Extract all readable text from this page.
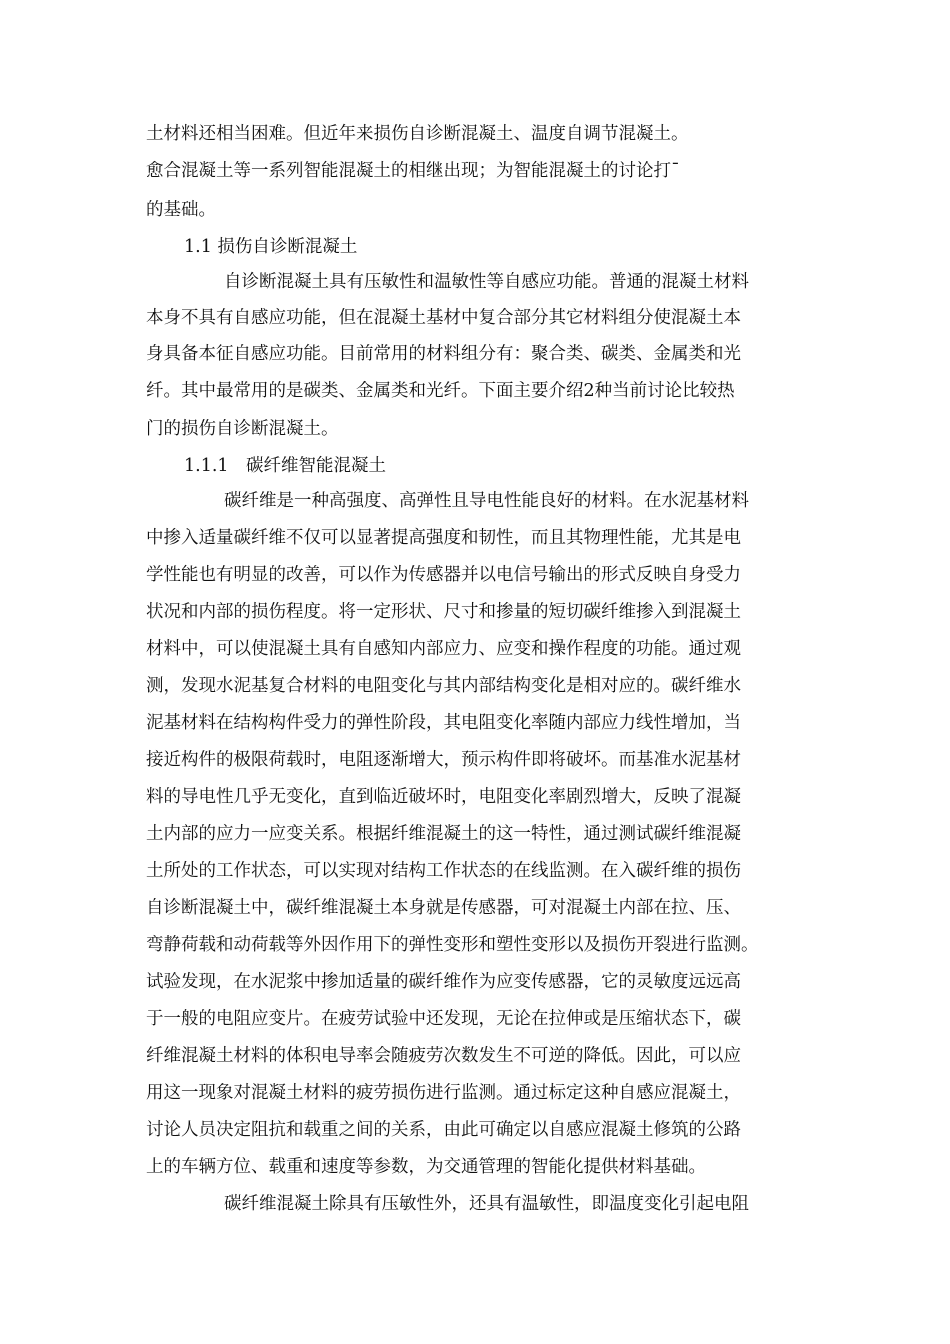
土材料还相当困难。但近年来损伤自诊断混凝土、温度自调节混凝土。
愈合混凝土等一系列智能混凝土的相继出现；为智能混凝土的讨论打ˉ
的基础。
1.1 损伤自诊断混凝土
自诊断混凝土具有压敏性和温敏性等自感应功能。普通的混凝土材料
本身不具有自感应功能，但在混凝土基材中复合部分其它材料组分使混凝土本
身具备本征自感应功能。目前常用的材料组分有：聚合类、碳类、金属类和光
纤。其中最常用的是碳类、金属类和光纤。下面主要介绍2种当前讨论比较热
门的损伤自诊断混凝土。
1.1.1　碳纤维智能混凝土
碳纤维是一种高强度、高弹性且导电性能良好的材料。在水泥基材料
中掺入适量碳纤维不仅可以显著提高强度和韧性，而且其物理性能，尤其是电
学性能也有明显的改善，可以作为传感器并以电信号输出的形式反映自身受力
状况和内部的损伤程度。将一定形状、尺寸和掺量的短切碳纤维掺入到混凝土
材料中，可以使混凝土具有自感知内部应力、应变和操作程度的功能。通过观
测，发现水泥基复合材料的电阻变化与其内部结构变化是相对应的。碳纤维水
泥基材料在结构构件受力的弹性阶段，其电阻变化率随内部应力线性增加，当
接近构件的极限荷载时，电阻逐渐增大，预示构件即将破坏。而基准水泥基材
料的导电性几乎无变化，直到临近破坏时，电阻变化率剧烈增大，反映了混凝
土内部的应力一应变关系。根据纤维混凝土的这一特性，通过测试碳纤维混凝
土所处的工作状态，可以实现对结构工作状态的在线监测。在入碳纤维的损伤
自诊断混凝土中，碳纤维混凝土本身就是传感器，可对混凝土内部在拉、压、
弯静荷载和动荷载等外因作用下的弹性变形和塑性变形以及损伤开裂进行监测。
试验发现，在水泥浆中掺加适量的碳纤维作为应变传感器，它的灵敏度远远高
于一般的电阻应变片。在疲劳试验中还发现，无论在拉伸或是压缩状态下，碳
纤维混凝土材料的体积电导率会随疲劳次数发生不可逆的降低。因此，可以应
用这一现象对混凝土材料的疲劳损伤进行监测。通过标定这种自感应混凝土，
讨论人员决定阻抗和载重之间的关系，由此可确定以自感应混凝土修筑的公路
上的车辆方位、载重和速度等参数，为交通管理的智能化提供材料基础。
碳纤维混凝土除具有压敏性外，还具有温敏性，即温度变化引起电阻
